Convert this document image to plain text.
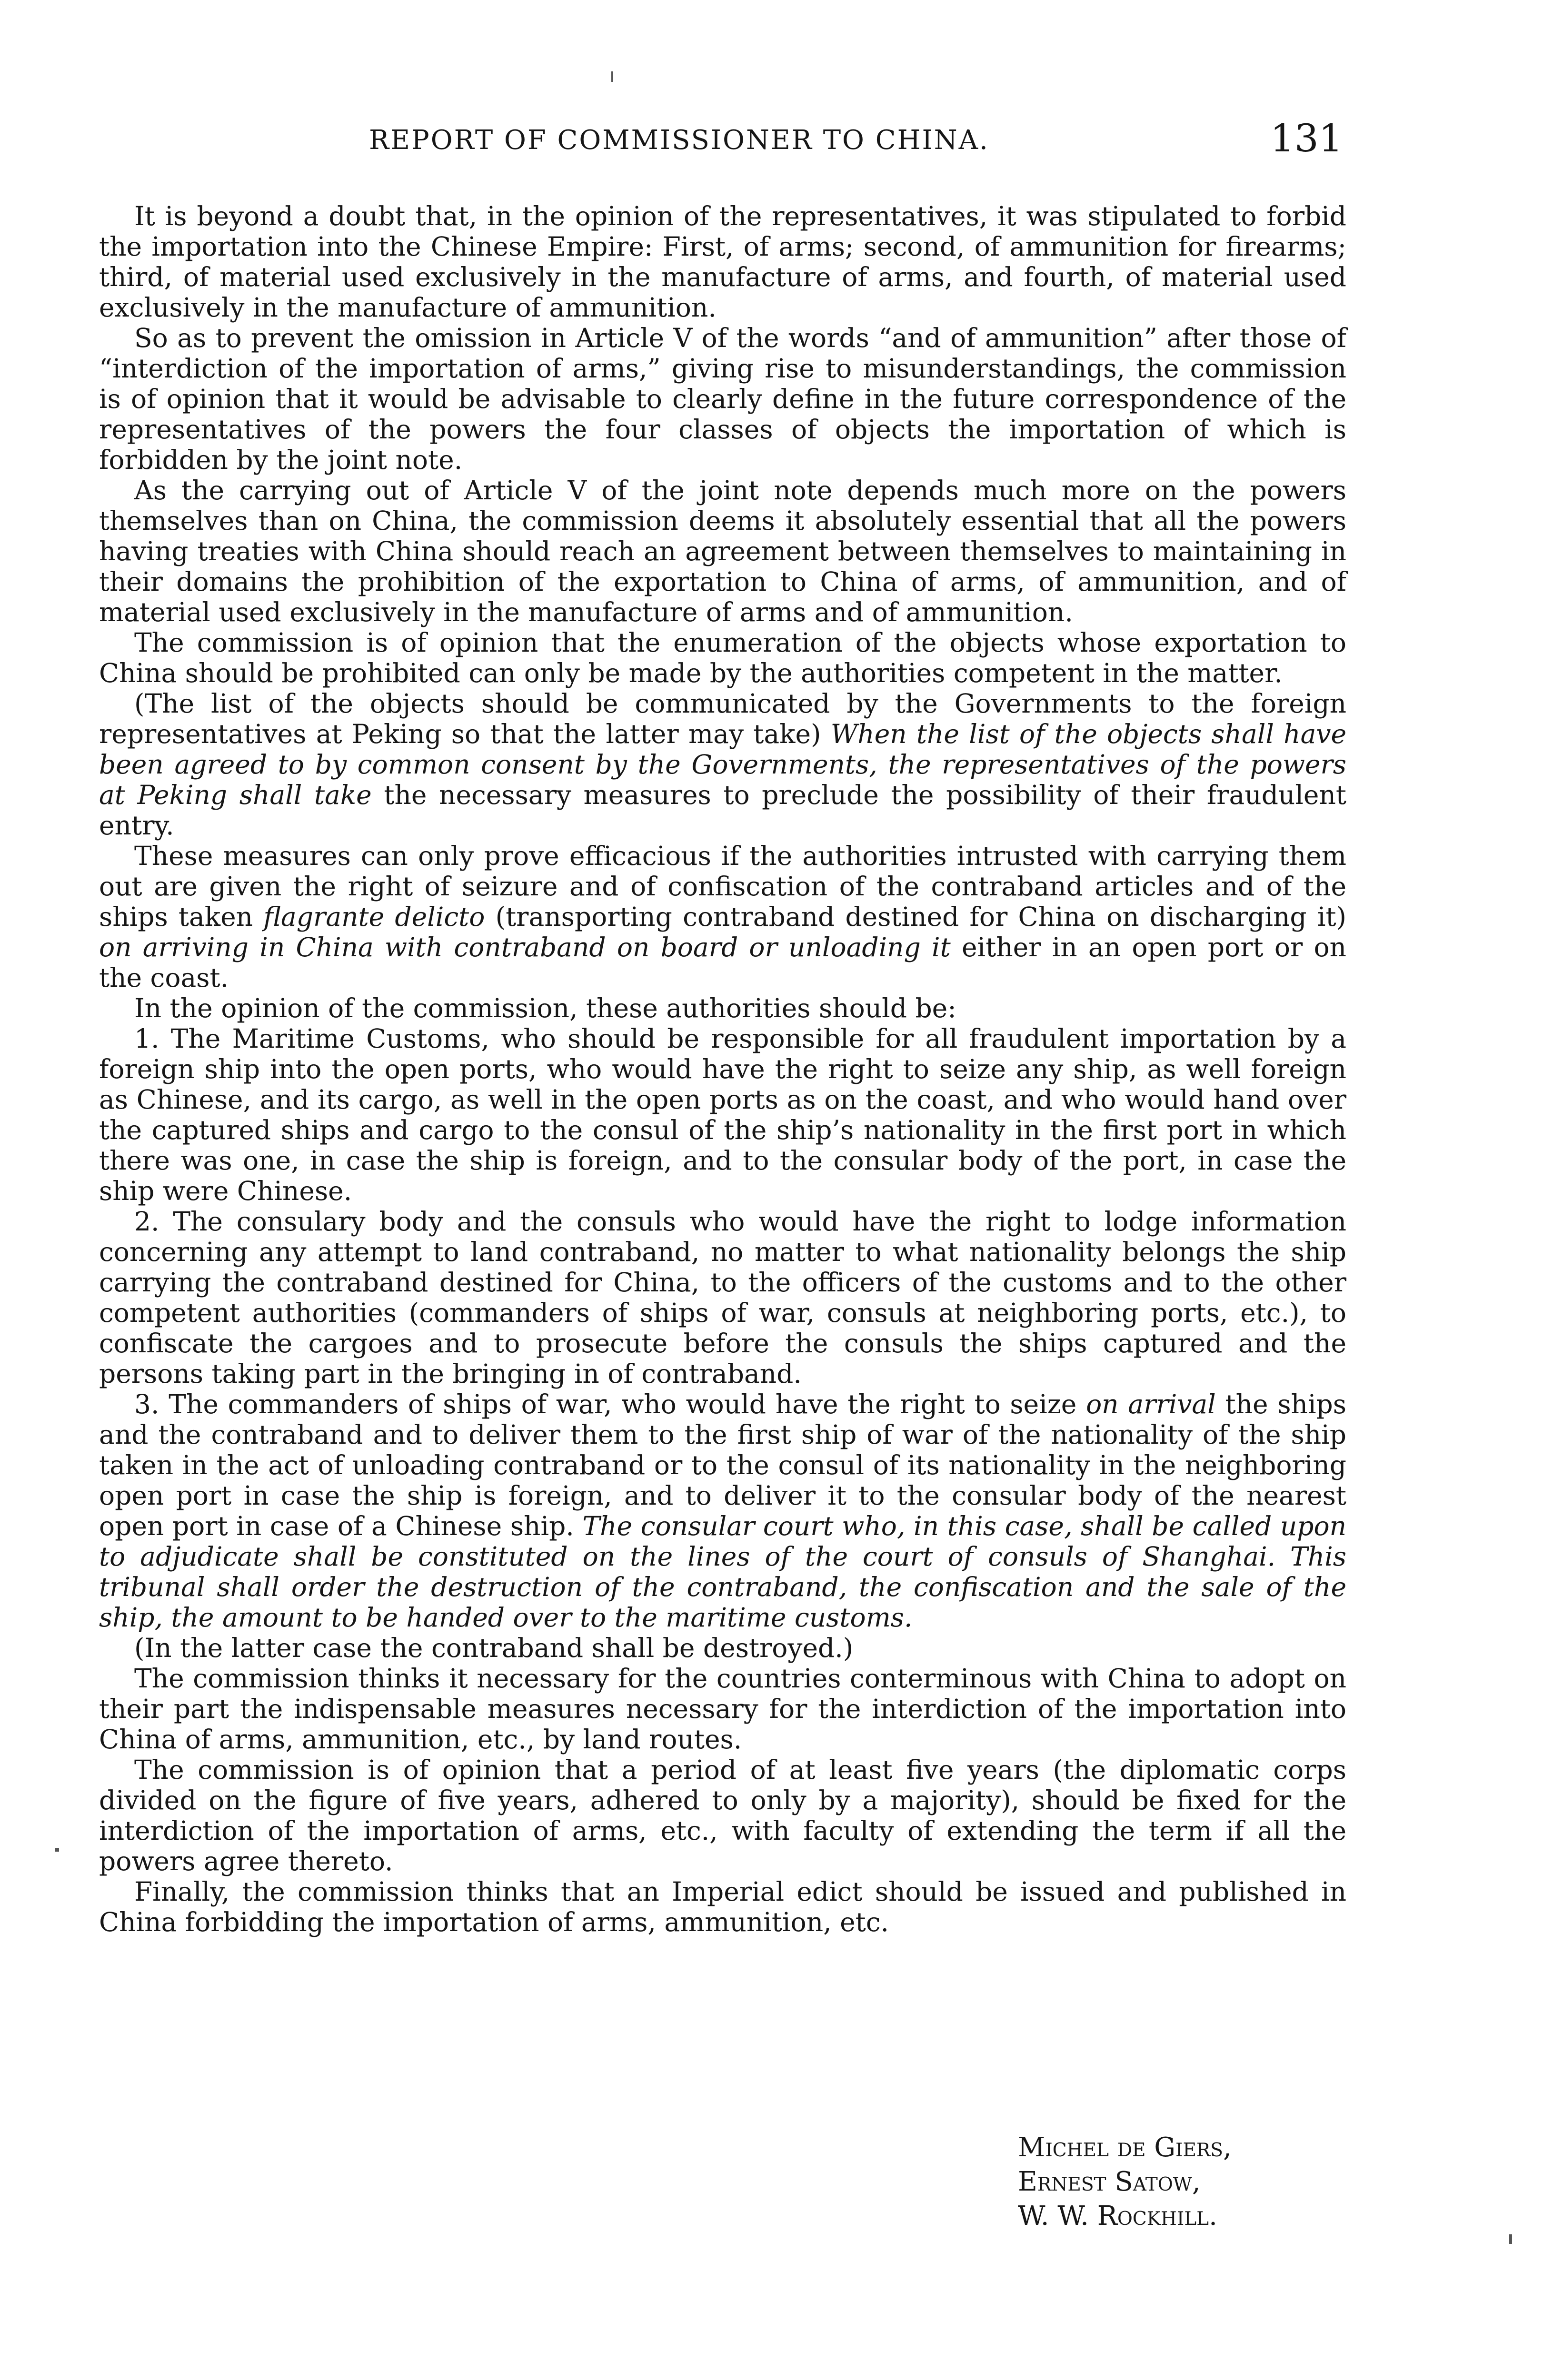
REPORT OF COMMISSIONER TO CHINA.	131

It is beyond a doubt that, in the opinion of the representatives, it was stipulated to forbid the importation into the Chinese Empire: First, of arms; second, of ammunition for firearms; third, of material used exclusively in the manufacture of arms, and fourth, of material used exclusively in the manufacture of ammunition.

So as to prevent the omission in Article V of the words “and of ammunition” after those of “interdiction of the importation of arms,” giving rise to misunderstandings, the commission is of opinion that it would be advisable to clearly define in the future correspondence of the representatives of the powers the four classes of objects the importation of which is forbidden by the joint note.

As the carrying out of Article V of the joint note depends much more on the powers themselves than on China, the commission deems it absolutely essential that all the powers having treaties with China should reach an agreement between themselves to maintaining in their domains the prohibition of the exportation to China of arms, of ammunition, and of material used exclusively in the manufacture of arms and of ammunition.

The commission is of opinion that the enumeration of the objects whose exportation to China should be prohibited can only be made by the authorities competent in the matter.

(The list of the objects should be communicated by the Governments to the foreign representatives at Peking so that the latter may take) When the list of the objects shall have been agreed to by common consent by the Governments, the representatives of the powers at Peking shall take the necessary measures to preclude the possibility of their fraudulent entry.

These measures can only prove efficacious if the authorities intrusted with carrying them out are given the right of seizure and of confiscation of the contraband articles and of the ships taken flagrante delicto (transporting contraband destined for China on discharging it) on arriving in China with contraband on board or unloading it either in an open port or on the coast.

In the opinion of the commission, these authorities should be:

1. The Maritime Customs, who should be responsible for all fraudulent importation by a foreign ship into the open ports, who would have the right to seize any ship, as well foreign as Chinese, and its cargo, as well in the open ports as on the coast, and who would hand over the captured ships and cargo to the consul of the ship’s nationality in the first port in which there was one, in case the ship is foreign, and to the consular body of the port, in case the ship were Chinese.

2. The consulary body and the consuls who would have the right to lodge information concerning any attempt to land contraband, no matter to what nationality belongs the ship carrying the contraband destined for China, to the officers of the customs and to the other competent authorities (commanders of ships of war, consuls at neighboring ports, etc.), to confiscate the cargoes and to prosecute before the consuls the ships captured and the persons taking part in the bringing in of contraband.

3. The commanders of ships of war, who would have the right to seize on arrival the ships and the contraband and to deliver them to the first ship of war of the nationality of the ship taken in the act of unloading contraband or to the consul of its nationality in the neighboring open port in case the ship is foreign, and to deliver it to the consular body of the nearest open port in case of a Chinese ship. The consular court who, in this case, shall be called upon to adjudicate shall be constituted on the lines of the court of consuls of Shanghai. This tribunal shall order the destruction of the contraband, the confiscation and the sale of the ship, the amount to be handed over to the maritime customs.

(In the latter case the contraband shall be destroyed.)

The commission thinks it necessary for the countries conterminous with China to adopt on their part the indispensable measures necessary for the interdiction of the importation into China of arms, ammunition, etc., by land routes.

The commission is of opinion that a period of at least five years (the diplomatic corps divided on the figure of five years, adhered to only by a majority), should be fixed for the interdiction of the importation of arms, etc., with faculty of extending the term if all the powers agree thereto.

Finally, the commission thinks that an Imperial edict should be issued and published in China forbidding the importation of arms, ammunition, etc.

Michel de Giers,
Ernest Satow,
W. W. Rockhill.
